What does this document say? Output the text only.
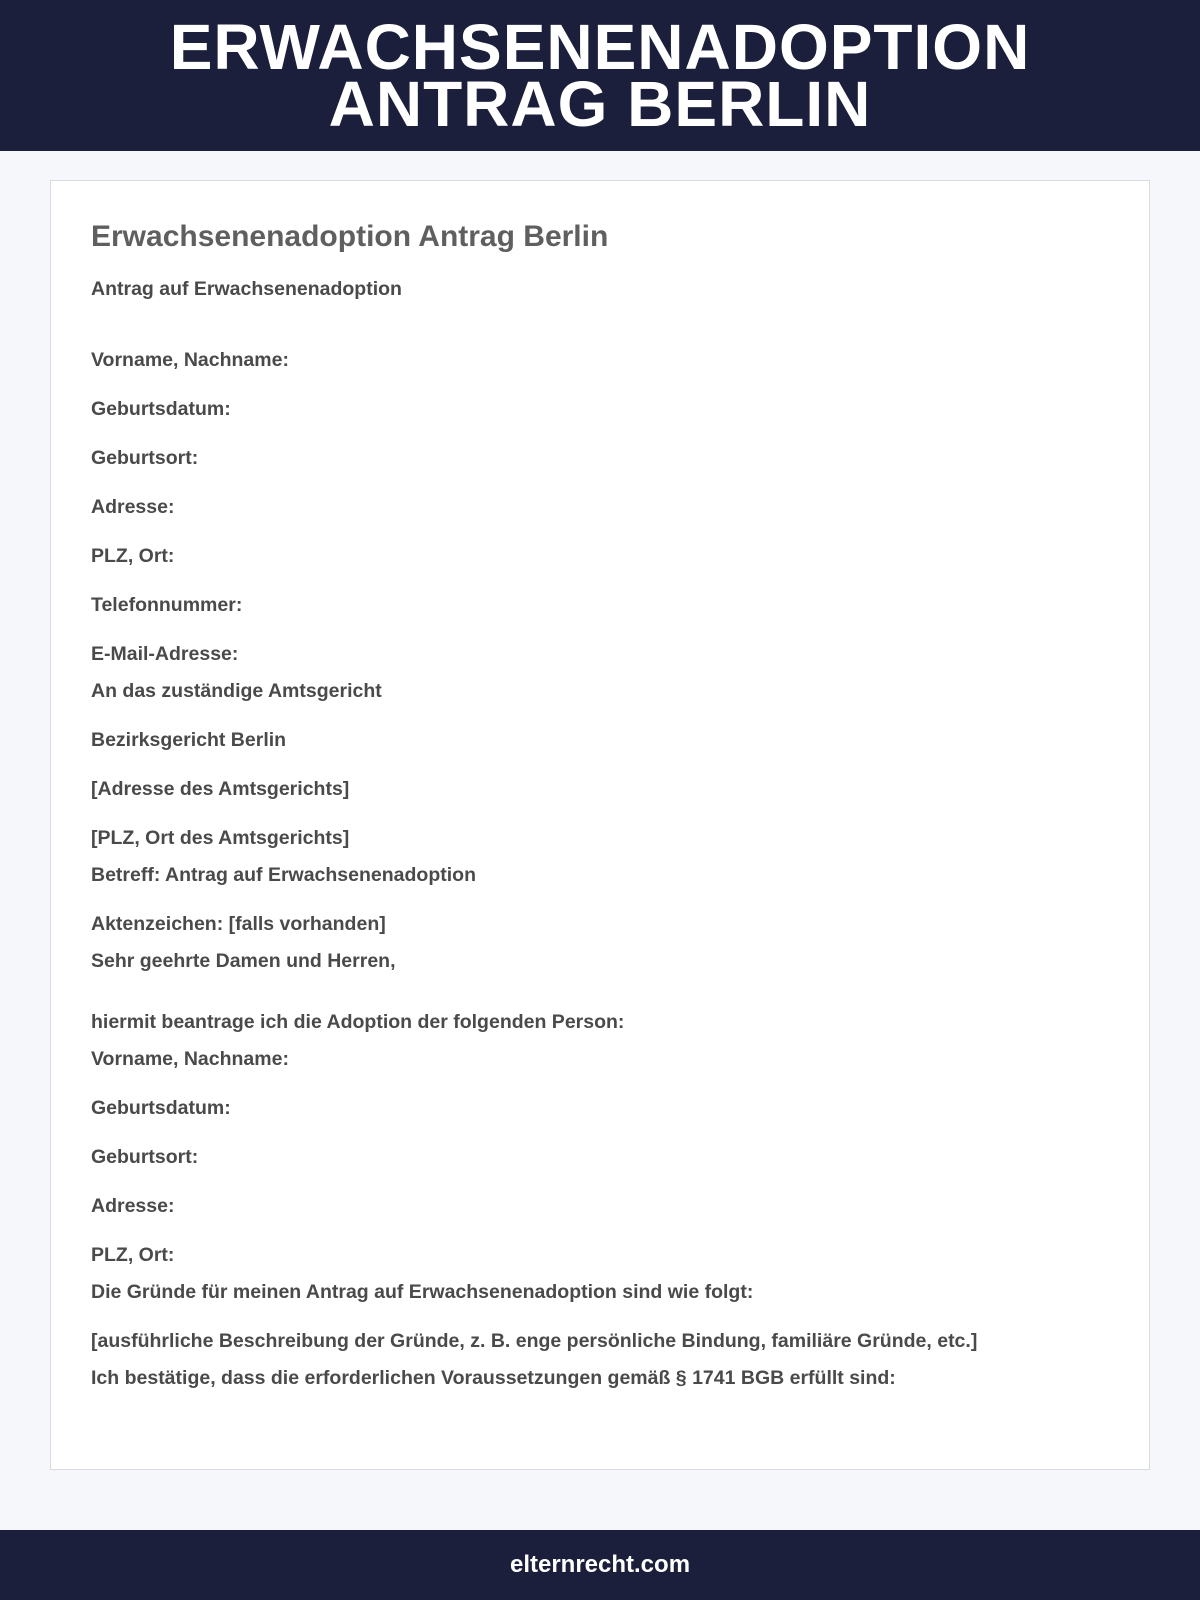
ERWACHSENENADOPTION
ANTRAG BERLIN
Erwachsenenadoption Antrag Berlin

Antrag auf Erwachsenenadoption

Vorname, Nachname:

Geburtsdatum:

Geburtsort:

Adresse:

PLZ, Ort:

Telefonnummer:

E-Mail-Adresse:

An das zuständige Amtsgericht

Bezirksgericht Berlin

[Adresse des Amtsgerichts]

[PLZ, Ort des Amtsgerichts]

Betreff: Antrag auf Erwachsenenadoption

Aktenzeichen: [falls vorhanden]

Sehr geehrte Damen und Herren,

hiermit beantrage ich die Adoption der folgenden Person:

Vorname, Nachname:

Geburtsdatum:

Geburtsort:

Adresse:

PLZ, Ort:

Die Gründe für meinen Antrag auf Erwachsenenadoption sind wie folgt:

[ausführliche Beschreibung der Gründe, z. B. enge persönliche Bindung, familiäre Gründe, etc.]

Ich bestätige, dass die erforderlichen Voraussetzungen gemäß § 1741 BGB erfüllt sind:

elternrecht.com
